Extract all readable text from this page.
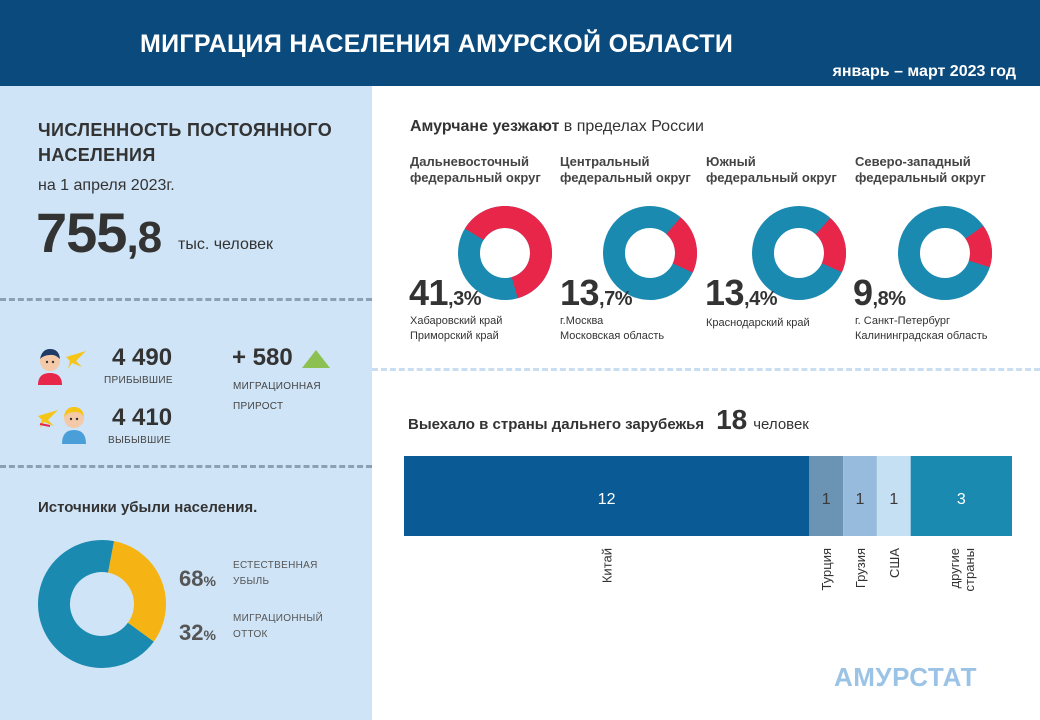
МИГРАЦИЯ НАСЕЛЕНИЯ АМУРСКОЙ ОБЛАСТИ
январь – март 2023 год
ЧИСЛЕННОСТЬ ПОСТОЯННОГО НАСЕЛЕНИЯ
на 1 апреля 2023г.
755,8 тыс. человек
4 490
ПРИБЫВШИЕ
4 410
ВЫБЫВШИЕ
+ 580
МИГРАЦИОННАЯ ПРИРОСТ
Источники убыли населения.
68%
ЕСТЕСТВЕННАЯ УБЫЛЬ
32%
МИГРАЦИОННЫЙ ОТТОК
Амурчане уезжают в пределах России
Дальневосточный федеральный округ
41,3%
Хабаровский край
Приморский край
Центральный федеральный округ
13,7%
г.Москва
Московская область
Южный федеральный округ
13,4%
Краснодарский край
Северо-западный федеральный округ
9,8%
г. Санкт-Петербург
Калининградская область
Выехало в страны дальнего зарубежья 18 человек
12
Китай
1
Турция
1
Грузия
1
США
3
другие страны
АМУРСТАТ
